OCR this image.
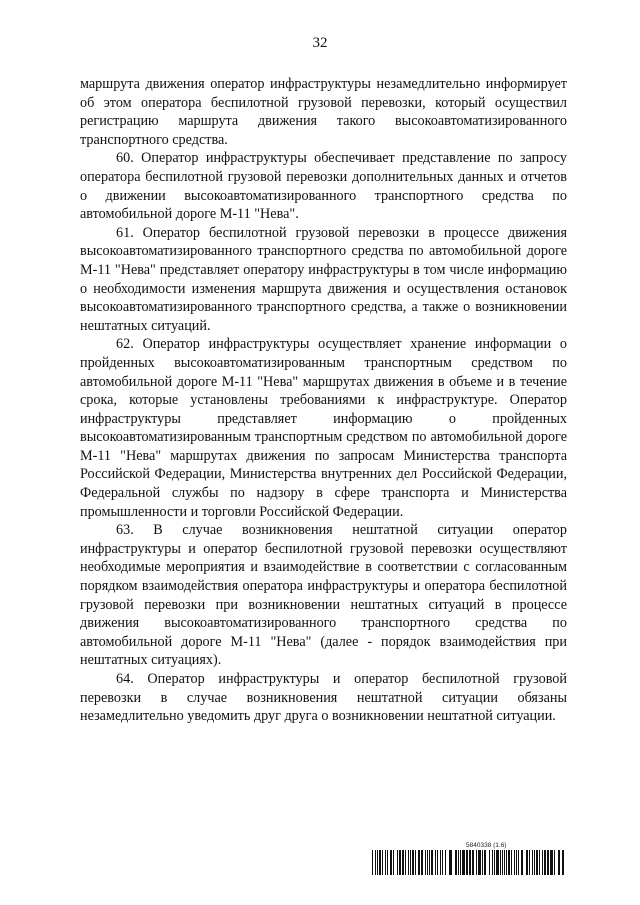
32

маршрута движения оператор инфраструктуры незамедлительно информирует об этом оператора беспилотной грузовой перевозки, который осуществил регистрацию маршрута движения такого высокоавтоматизированного транспортного средства.

60. Оператор инфраструктуры обеспечивает представление по запросу оператора беспилотной грузовой перевозки дополнительных данных и отчетов о движении высокоавтоматизированного транспортного средства по автомобильной дороге М-11 "Нева".

61. Оператор беспилотной грузовой перевозки в процессе движения высокоавтоматизированного транспортного средства по автомобильной дороге М-11 "Нева" представляет оператору инфраструктуры в том числе информацию о необходимости изменения маршрута движения и осуществления остановок высокоавтоматизированного транспортного средства, а также о возникновении нештатных ситуаций.

62. Оператор инфраструктуры осуществляет хранение информации о пройденных высокоавтоматизированным транспортным средством по автомобильной дороге М-11 "Нева" маршрутах движения в объеме и в течение срока, которые установлены требованиями к инфраструктуре. Оператор инфраструктуры представляет информацию о пройденных высокоавтоматизированным транспортным средством по автомобильной дороге М-11 "Нева" маршрутах движения по запросам Министерства транспорта Российской Федерации, Министерства внутренних дел Российской Федерации, Федеральной службы по надзору в сфере транспорта и Министерства промышленности и торговли Российской Федерации.

63. В случае возникновения нештатной ситуации оператор инфраструктуры и оператор беспилотной грузовой перевозки осуществляют необходимые мероприятия и взаимодействие в соответствии с согласованным порядком взаимодействия оператора инфраструктуры и оператора беспилотной грузовой перевозки при возникновении нештатных ситуаций в процессе движения высокоавтоматизированного транспортного средства по автомобильной дороге М-11 "Нева" (далее - порядок взаимодействия при нештатных ситуациях).

64. Оператор инфраструктуры и оператор беспилотной грузовой перевозки в случае возникновения нештатной ситуации обязаны незамедлительно уведомить друг друга о возникновении нештатной ситуации.

5840338 (1.6)
